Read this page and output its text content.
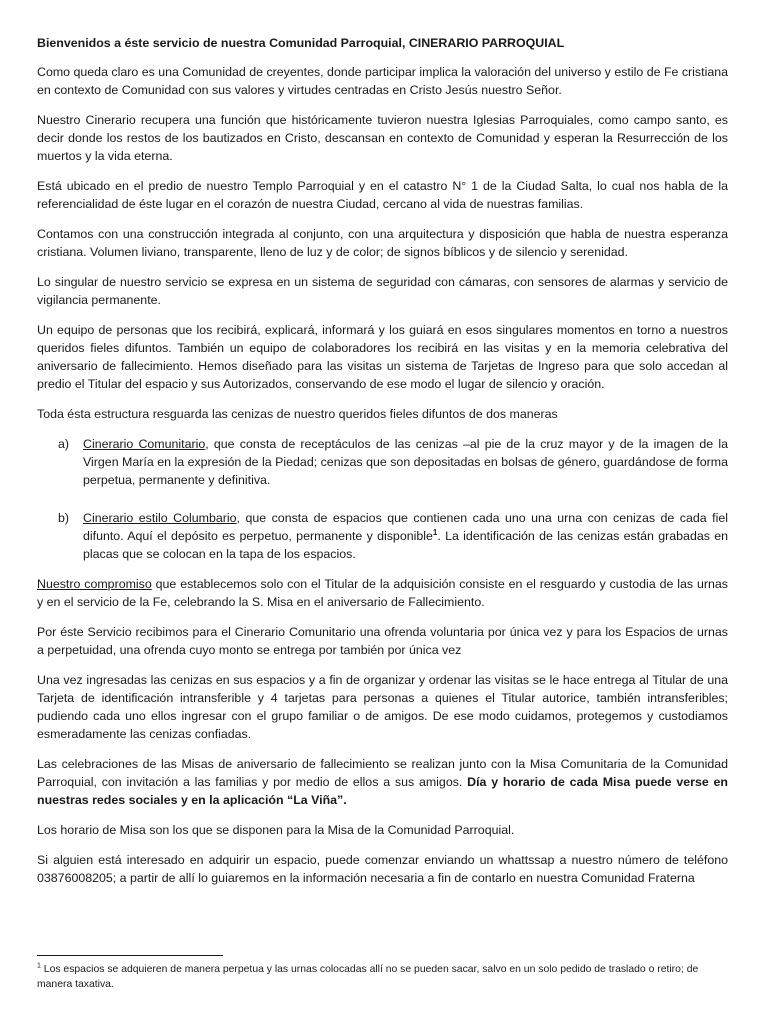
Bienvenidos a éste servicio de nuestra Comunidad Parroquial, CINERARIO PARROQUIAL

Como queda claro es una Comunidad de creyentes, donde participar implica la valoración del universo y estilo de Fe cristiana en contexto de Comunidad con sus valores y virtudes centradas en Cristo Jesús nuestro Señor.

Nuestro Cinerario recupera una función que históricamente tuvieron nuestra Iglesias Parroquiales, como campo santo, es decir donde los restos de los bautizados en Cristo, descansan en contexto de Comunidad y esperan la Resurrección de los muertos y la vida eterna.

Está ubicado en el predio de nuestro Templo Parroquial y en el catastro N° 1 de la Ciudad Salta, lo cual nos habla de la referencialidad de éste lugar en el corazón de nuestra Ciudad, cercano al vida de nuestras familias.

Contamos con una construcción integrada al conjunto, con una arquitectura y disposición que habla de nuestra esperanza cristiana. Volumen liviano, transparente, lleno de luz y de color; de signos bíblicos y de silencio y serenidad.

Lo singular de nuestro servicio se expresa en un sistema de seguridad con cámaras, con sensores de alarmas y servicio de vigilancia permanente.

Un equipo de personas que los recibirá, explicará, informará y los guiará en esos singulares momentos en torno a nuestros queridos fieles difuntos. También un equipo de colaboradores los recibirá en las visitas y en la memoria celebrativa del aniversario de fallecimiento. Hemos diseñado para las visitas un sistema de Tarjetas de Ingreso para que solo accedan al predio el Titular del espacio y sus Autorizados, conservando de ese modo el lugar de silencio y oración.

Toda ésta estructura resguarda las cenizas de nuestro queridos fieles difuntos de dos maneras

a) Cinerario Comunitario, que consta de receptáculos de las cenizas –al pie de la cruz mayor y de la imagen de la Virgen María en la expresión de la Piedad; cenizas que son depositadas en bolsas de género, guardándose de forma perpetua, permanente y definitiva.
b) Cinerario estilo Columbario, que consta de espacios que contienen cada uno una urna con cenizas de cada fiel difunto. Aquí el depósito es perpetuo, permanente y disponible$^1$. La identificación de las cenizas están grabadas en placas que se colocan en la tapa de los espacios.

Nuestro compromiso que establecemos solo con el Titular de la adquisición consiste en el resguardo y custodia de las urnas y en el servicio de la Fe, celebrando la S. Misa en el aniversario de Fallecimiento.

Por éste Servicio recibimos para el Cinerario Comunitario una ofrenda voluntaria por única vez y para los Espacios de urnas a perpetuidad, una ofrenda cuyo monto se entrega por también por única vez

Una vez ingresadas las cenizas en sus espacios y a fin de organizar y ordenar las visitas se le hace entrega al Titular de una Tarjeta de identificación intransferible y 4 tarjetas para personas a quienes el Titular autorice, también intransferibles; pudiendo cada uno ellos ingresar con el grupo familiar o de amigos. De ese modo cuidamos, protegemos y custodiamos esmeradamente las cenizas confiadas.

Las celebraciones de las Misas de aniversario de fallecimiento se realizan junto con la Misa Comunitaria de la Comunidad Parroquial, con invitación a las familias y por medio de ellos a sus amigos. Día y horario de cada Misa puede verse en nuestras redes sociales y en la aplicación “La Viña”.

Los horario de Misa son los que se disponen para la Misa de la Comunidad Parroquial.

Si alguien está interesado en adquirir un espacio, puede comenzar enviando un whattssap a nuestro número de teléfono 03876008205; a partir de allí lo guiaremos en la información necesaria a fin de contarlo en nuestra Comunidad Fraterna

$^1$ Los espacios se adquieren de manera perpetua y las urnas colocadas allí no se pueden sacar, salvo en un solo pedido de traslado o retiro; de manera taxativa.
